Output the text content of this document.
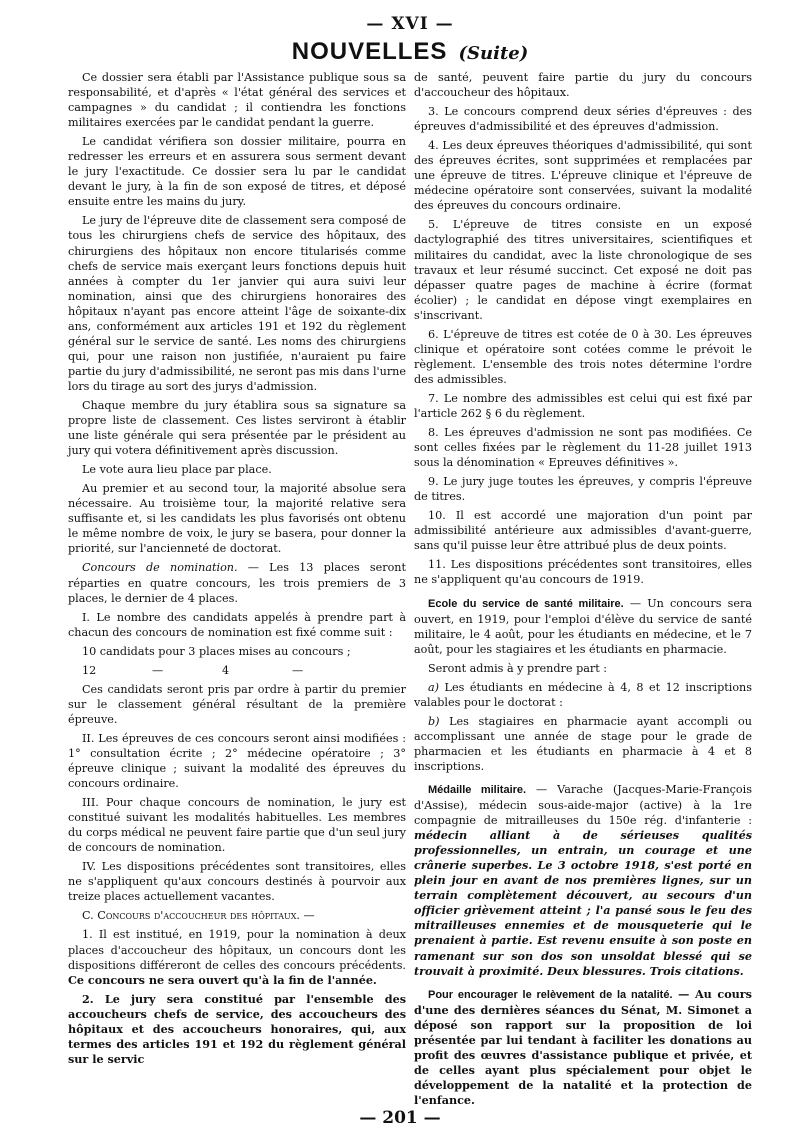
— XVI —
NOUVELLES (Suite)

Ce dossier sera établi par l'Assistance publique sous sa responsabilité, et d'après « l'état général des services et campagnes » du candidat ; il contiendra les fonctions militaires exercées par le candidat pendant la guerre.

Le candidat vérifiera son dossier militaire, pourra en redresser les erreurs et en assurera sous serment devant le jury l'exactitude. Ce dossier sera lu par le candidat devant le jury, à la fin de son exposé de titres, et déposé ensuite entre les mains du jury.

Le jury de l'épreuve dite de classement sera composé de tous les chirurgiens chefs de service des hôpitaux, des chirurgiens des hôpitaux non encore titularisés comme chefs de service mais exerçant leurs fonctions depuis huit années à compter du 1er janvier qui aura suivi leur nomination, ainsi que des chirurgiens honoraires des hôpitaux n'ayant pas encore atteint l'âge de soixante-dix ans, conformément aux articles 191 et 192 du règlement général sur le service de santé. Les noms des chirurgiens qui, pour une raison non justifiée, n'auraient pu faire partie du jury d'admissibilité, ne seront pas mis dans l'urne lors du tirage au sort des jurys d'admission.

Chaque membre du jury établira sous sa signature sa propre liste de classement. Ces listes serviront à établir une liste générale qui sera présentée par le président au jury qui votera définitivement après discussion.

Le vote aura lieu place par place.

Au premier et au second tour, la majorité absolue sera nécessaire. Au troisième tour, la majorité relative sera suffisante et, si les candidats les plus favorisés ont obtenu le même nombre de voix, le jury se basera, pour donner la priorité, sur l'ancienneté de doctorat.

Concours de nomination. — Les 13 places seront réparties en quatre concours, les trois premiers de 3 places, le dernier de 4 places.

I. Le nombre des candidats appelés à prendre part à chacun des concours de nomination est fixé comme suit :

10 candidats pour 3 places mises au concours ;

12	—	4	—

Ces candidats seront pris par ordre à partir du premier sur le classement général résultant de la première épreuve.

II. Les épreuves de ces concours seront ainsi modifiées : 1° consultation écrite ; 2° médecine opératoire ; 3° épreuve clinique ; suivant la modalité des épreuves du concours ordinaire.

III. Pour chaque concours de nomination, le jury est constitué suivant les modalités habituelles. Les membres du corps médical ne peuvent faire partie que d'un seul jury de concours de nomination.

IV. Les dispositions précédentes sont transitoires, elles ne s'appliquent qu'aux concours destinés à pourvoir aux treize places actuellement vacantes.

C. Concours d'accoucheur des hôpitaux. —

1. Il est institué, en 1919, pour la nomination à deux places d'accoucheur des hôpitaux, un concours dont les dispositions différeront de celles des concours précédents. Ce concours ne sera ouvert qu'à la fin de l'année.

2. Le jury sera constitué par l'ensemble des accoucheurs chefs de service, des accoucheurs des hôpitaux et des accoucheurs honoraires, qui, aux termes des articles 191 et 192 du règlement général sur le servic

de santé, peuvent faire partie du jury du concours d'accoucheur des hôpitaux.

3. Le concours comprend deux séries d'épreuves : des épreuves d'admissibilité et des épreuves d'admission.

4. Les deux épreuves théoriques d'admissibilité, qui sont des épreuves écrites, sont supprimées et remplacées par une épreuve de titres. L'épreuve clinique et l'épreuve de médecine opératoire sont conservées, suivant la modalité des épreuves du concours ordinaire.

5. L'épreuve de titres consiste en un exposé dactylographié des titres universitaires, scientifiques et militaires du candidat, avec la liste chronologique de ses travaux et leur résumé succinct. Cet exposé ne doit pas dépasser quatre pages de machine à écrire (format écolier) ; le candidat en dépose vingt exemplaires en s'inscrivant.

6. L'épreuve de titres est cotée de 0 à 30. Les épreuves clinique et opératoire sont cotées comme le prévoit le règlement. L'ensemble des trois notes détermine l'ordre des admissibles.

7. Le nombre des admissibles est celui qui est fixé par l'article 262 § 6 du règlement.

8. Les épreuves d'admission ne sont pas modifiées. Ce sont celles fixées par le règlement du 11-28 juillet 1913 sous la dénomination « Epreuves définitives ».

9. Le jury juge toutes les épreuves, y compris l'épreuve de titres.

10. Il est accordé une majoration d'un point par admissibilité antérieure aux admissibles d'avant-guerre, sans qu'il puisse leur être attribué plus de deux points.

11. Les dispositions précédentes sont transitoires, elles ne s'appliquent qu'au concours de 1919.

Ecole du service de santé militaire. — Un concours sera ouvert, en 1919, pour l'emploi d'élève du service de santé militaire, le 4 août, pour les étudiants en médecine, et le 7 août, pour les stagiaires et les étudiants en pharmacie.

Seront admis à y prendre part :

a) Les étudiants en médecine à 4, 8 et 12 inscriptions valables pour le doctorat :

b) Les stagiaires en pharmacie ayant accompli ou accomplissant une année de stage pour le grade de pharmacien et les étudiants en pharmacie à 4 et 8 inscriptions.

Médaille militaire. — Varache (Jacques-Marie-François d'Assise), médecin sous-aide-major (active) à la 1re compagnie de mitrailleuses du 150e rég. d'infanterie : médecin alliant à de sérieuses qualités professionnelles, un entrain, un courage et une crânerie superbes. Le 3 octobre 1918, s'est porté en plein jour en avant de nos premières lignes, sur un terrain complètement découvert, au secours d'un officier grièvement atteint ; l'a pansé sous le feu des mitrailleuses ennemies et de mousqueterie qui le prenaient à partie. Est revenu ensuite à son poste en ramenant sur son dos son unsoldat blessé qui se trouvait à proximité. Deux blessures. Trois citations.

Pour encourager le relèvement de la natalité. — Au cours d'une des dernières séances du Sénat, M. Simonet a déposé son rapport sur la proposition de loi présentée par lui tendant à faciliter les donations au profit des œuvres d'assistance publique et privée, et de celles ayant plus spécialement pour objet le développement de la natalité et la protection de l'enfance.

— 201 —
